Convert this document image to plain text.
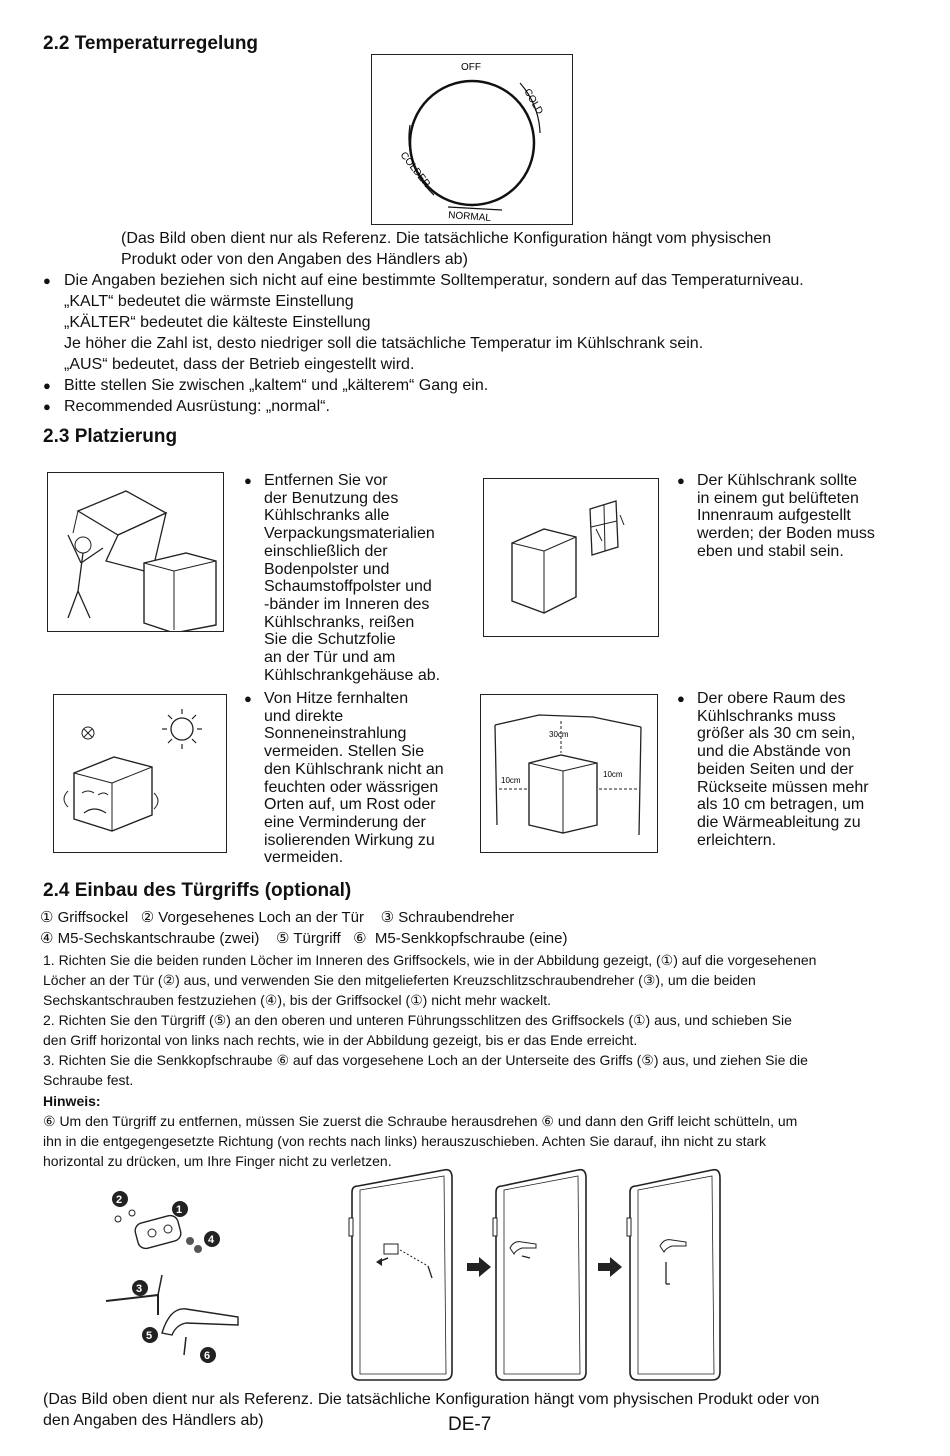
2.2 Temperaturregelung
OFF
COLD
COLDER
NORMAL
(Das Bild oben dient nur als Referenz. Die tatsächliche Konfiguration hängt vom physischen
Produkt oder von den Angaben des Händlers ab)
● Die Angaben beziehen sich nicht auf eine bestimmte Solltemperatur, sondern auf das Temperaturniveau.
„KALT“ bedeutet die wärmste Einstellung
„KÄLTER“ bedeutet die kälteste Einstellung
Je höher die Zahl ist, desto niedriger soll die tatsächliche Temperatur im Kühlschrank sein.
„AUS“ bedeutet, dass der Betrieb eingestellt wird.
● Bitte stellen Sie zwischen „kaltem“ und „kälterem“ Gang ein.
● Recommended Ausrüstung: „normal“.
2.3 Platzierung
● Entfernen Sie vor
der Benutzung des
Kühlschranks alle
Verpackungsmaterialien
einschließlich der
Bodenpolster und
Schaumstoffpolster und
-bänder im Inneren des
Kühlschranks, reißen
Sie die Schutzfolie
an der Tür und am
Kühlschrankgehäuse ab.
● Der Kühlschrank sollte
in einem gut belüfteten
Innenraum aufgestellt
werden; der Boden muss
eben und stabil sein.
● Von Hitze fernhalten
und direkte
Sonneneinstrahlung
vermeiden. Stellen Sie
den Kühlschrank nicht an
feuchten oder wässrigen
Orten auf, um Rost oder
eine Verminderung der
isolierenden Wirkung zu
vermeiden.
30cm
10cm
10cm
● Der obere Raum des
Kühlschranks muss
größer als 30 cm sein,
und die Abstände von
beiden Seiten und der
Rückseite müssen mehr
als 10 cm betragen, um
die Wärmeableitung zu
erleichtern.
2.4 Einbau des Türgriffs (optional)
① Griffsockel   ② Vorgesehenes Loch an der Tür    ③ Schraubendreher
④ M5-Sechskantschraube (zwei)    ⑤ Türgriff   ⑥  M5-Senkkopfschraube (eine)
1. Richten Sie die beiden runden Löcher im Inneren des Griffsockels, wie in der Abbildung gezeigt, (①) auf die vorgesehenen
Löcher an der Tür (②) aus, und verwenden Sie den mitgelieferten Kreuzschlitzschraubendreher (③), um die beiden
Sechskantschrauben festzuziehen (④), bis der Griffsockel (①) nicht mehr wackelt.
2. Richten Sie den Türgriff (⑤) an den oberen und unteren Führungsschlitzen des Griffsockels (①) aus, und schieben Sie
den Griff horizontal von links nach rechts, wie in der Abbildung gezeigt, bis er das Ende erreicht.
3. Richten Sie die Senkkopfschraube ⑥ auf das vorgesehene Loch an der Unterseite des Griffs (⑤) aus, und ziehen Sie die
Schraube fest.
Hinweis:
⑥ Um den Türgriff zu entfernen, müssen Sie zuerst die Schraube herausdrehen ⑥ und dann den Griff leicht schütteln, um
ihn in die entgegengesetzte Richtung (von rechts nach links) herauszuschieben. Achten Sie darauf, ihn nicht zu stark
horizontal zu drücken, um Ihre Finger nicht zu verletzen.
2
1
4
3
5
6
(Das Bild oben dient nur als Referenz. Die tatsächliche Konfiguration hängt vom physischen Produkt oder von
den Angaben des Händlers ab)	DE-7
